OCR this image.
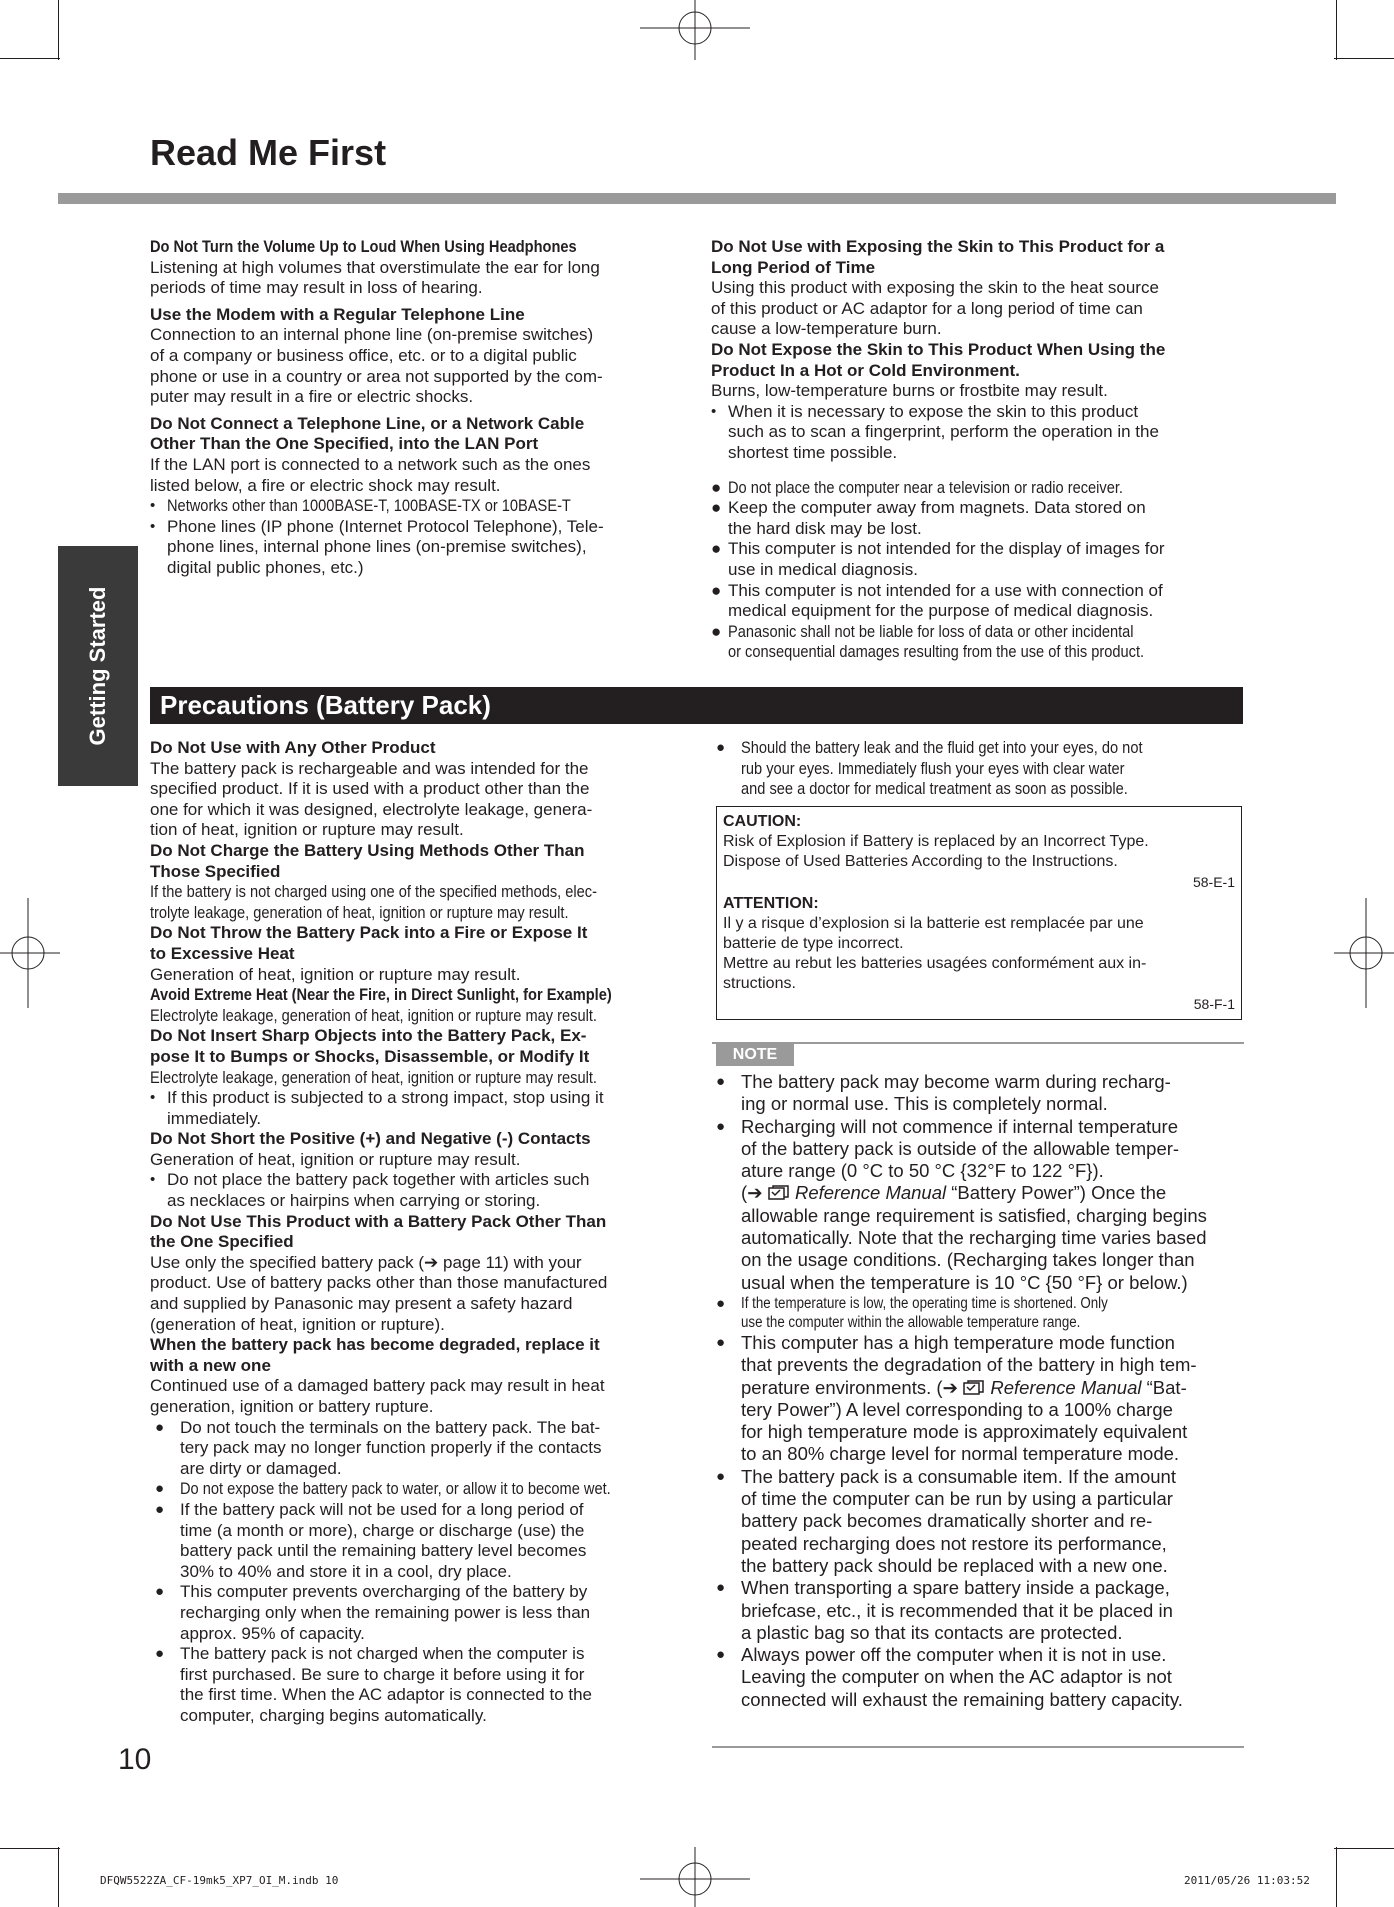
Read Me First
Getting Started

Do Not Turn the Volume Up to Loud When Using Headphones

Listening at high volumes that overstimulate the ear for long

periods of time may result in loss of hearing.

Use the Modem with a Regular Telephone Line

Connection to an internal phone line (on-premise switches)

of a company or business office, etc. or to a digital public

phone or use in a country or area not supported by the com-

puter may result in a fire or electric shocks.

Do Not Connect a Telephone Line, or a Network Cable

Other Than the One Specified, into the LAN Port

If the LAN port is connected to a network such as the ones

listed below, a fire or electric shock may result.

• Networks other than 1000BASE-T, 100BASE-TX or 10BASE-T
• Phone lines (IP phone (Internet Protocol Telephone), Tele-
phone lines, internal phone lines (on-premise switches),
digital public phones, etc.)

Do Not Use with Exposing the Skin to This Product for a

Long Period of Time

Using this product with exposing the skin to the heat source

of this product or AC adaptor for a long period of time can

cause a low-temperature burn.

Do Not Expose the Skin to This Product When Using the

Product In a Hot or Cold Environment.

Burns, low-temperature burns or frostbite may result.

• When it is necessary to expose the skin to this product
such as to scan a fingerprint, perform the operation in the
shortest time possible.
● Do not place the computer near a television or radio receiver.
● Keep the computer away from magnets. Data stored on
the hard disk may be lost.
● This computer is not intended for the display of images for
use in medical diagnosis.
● This computer is not intended for a use with connection of
medical equipment for the purpose of medical diagnosis.
● Panasonic shall not be liable for loss of data or other incidental
or consequential damages resulting from the use of this product.
Precautions (Battery Pack)

Do Not Use with Any Other Product

The battery pack is rechargeable and was intended for the

specified product. If it is used with a product other than the

one for which it was designed, electrolyte leakage, genera-

tion of heat, ignition or rupture may result.

Do Not Charge the Battery Using Methods Other Than

Those Specified

If the battery is not charged using one of the specified methods, elec-

trolyte leakage, generation of heat, ignition or rupture may result.

Do Not Throw the Battery Pack into a Fire or Expose It

to Excessive Heat

Generation of heat, ignition or rupture may result.

Avoid Extreme Heat (Near the Fire, in Direct Sunlight, for Example)

Electrolyte leakage, generation of heat, ignition or rupture may result.

Do Not Insert Sharp Objects into the Battery Pack, Ex-

pose It to Bumps or Shocks, Disassemble, or Modify It

Electrolyte leakage, generation of heat, ignition or rupture may result.

• If this product is subjected to a strong impact, stop using it
immediately.

Do Not Short the Positive (+) and Negative (-) Contacts

Generation of heat, ignition or rupture may result.

• Do not place the battery pack together with articles such
as necklaces or hairpins when carrying or storing.

Do Not Use This Product with a Battery Pack Other Than

the One Specified

Use only the specified battery pack (➔ page 11) with your

product. Use of battery packs other than those manufactured

and supplied by Panasonic may present a safety hazard

(generation of heat, ignition or rupture).

When the battery pack has become degraded, replace it

with a new one

Continued use of a damaged battery pack may result in heat

generation, ignition or battery rupture.

● Do not touch the terminals on the battery pack. The bat-
tery pack may no longer function properly if the contacts
are dirty or damaged.
● Do not expose the battery pack to water, or allow it to become wet.
● If the battery pack will not be used for a long period of
time (a month or more), charge or discharge (use) the
battery pack until the remaining battery level becomes
30% to 40% and store it in a cool, dry place.
● This computer prevents overcharging of the battery by
recharging only when the remaining power is less than
approx. 95% of capacity.
● The battery pack is not charged when the computer is
first purchased. Be sure to charge it before using it for
the first time. When the AC adaptor is connected to the
computer, charging begins automatically.
● Should the battery leak and the fluid get into your eyes, do not
rub your eyes. Immediately flush your eyes with clear water
and see a doctor for medical treatment as soon as possible.

CAUTION:

Risk of Explosion if Battery is replaced by an Incorrect Type.

Dispose of Used Batteries According to the Instructions.

58-E-1

ATTENTION:

Il y a risque d’explosion si la batterie est remplacée par une

batterie de type incorrect.

Mettre au rebut les batteries usagées conformément aux in-

structions.

58-F-1

NOTE
● The battery pack may become warm during recharg-
ing or normal use. This is completely normal.
● Recharging will not commence if internal temperature
of the battery pack is outside of the allowable temper-
ature range (0 °C to 50 °C {32°F to 122 °F}).
(➔  Reference Manual “Battery Power”) Once the
allowable range requirement is satisfied, charging begins
automatically. Note that the recharging time varies based
on the usage conditions. (Recharging takes longer than
usual when the temperature is 10 °C {50 °F} or below.)
● If the temperature is low, the operating time is shortened. Only
use the computer within the allowable temperature range.
● This computer has a high temperature mode function
that prevents the degradation of the battery in high tem-
perature environments. (➔  Reference Manual “Bat-
tery Power”) A level corresponding to a 100% charge
for high temperature mode is approximately equivalent
to an 80% charge level for normal temperature mode.
● The battery pack is a consumable item. If the amount
of time the computer can be run by using a particular
battery pack becomes dramatically shorter and re-
peated recharging does not restore its performance,
the battery pack should be replaced with a new one.
● When transporting a spare battery inside a package,
briefcase, etc., it is recommended that it be placed in
a plastic bag so that its contacts are protected.
● Always power off the computer when it is not in use.
Leaving the computer on when the AC adaptor is not
connected will exhaust the remaining battery capacity.
10
DFQW5522ZA_CF-19mk5_XP7_OI_M.indb 10	2011/05/26 11:03:52
